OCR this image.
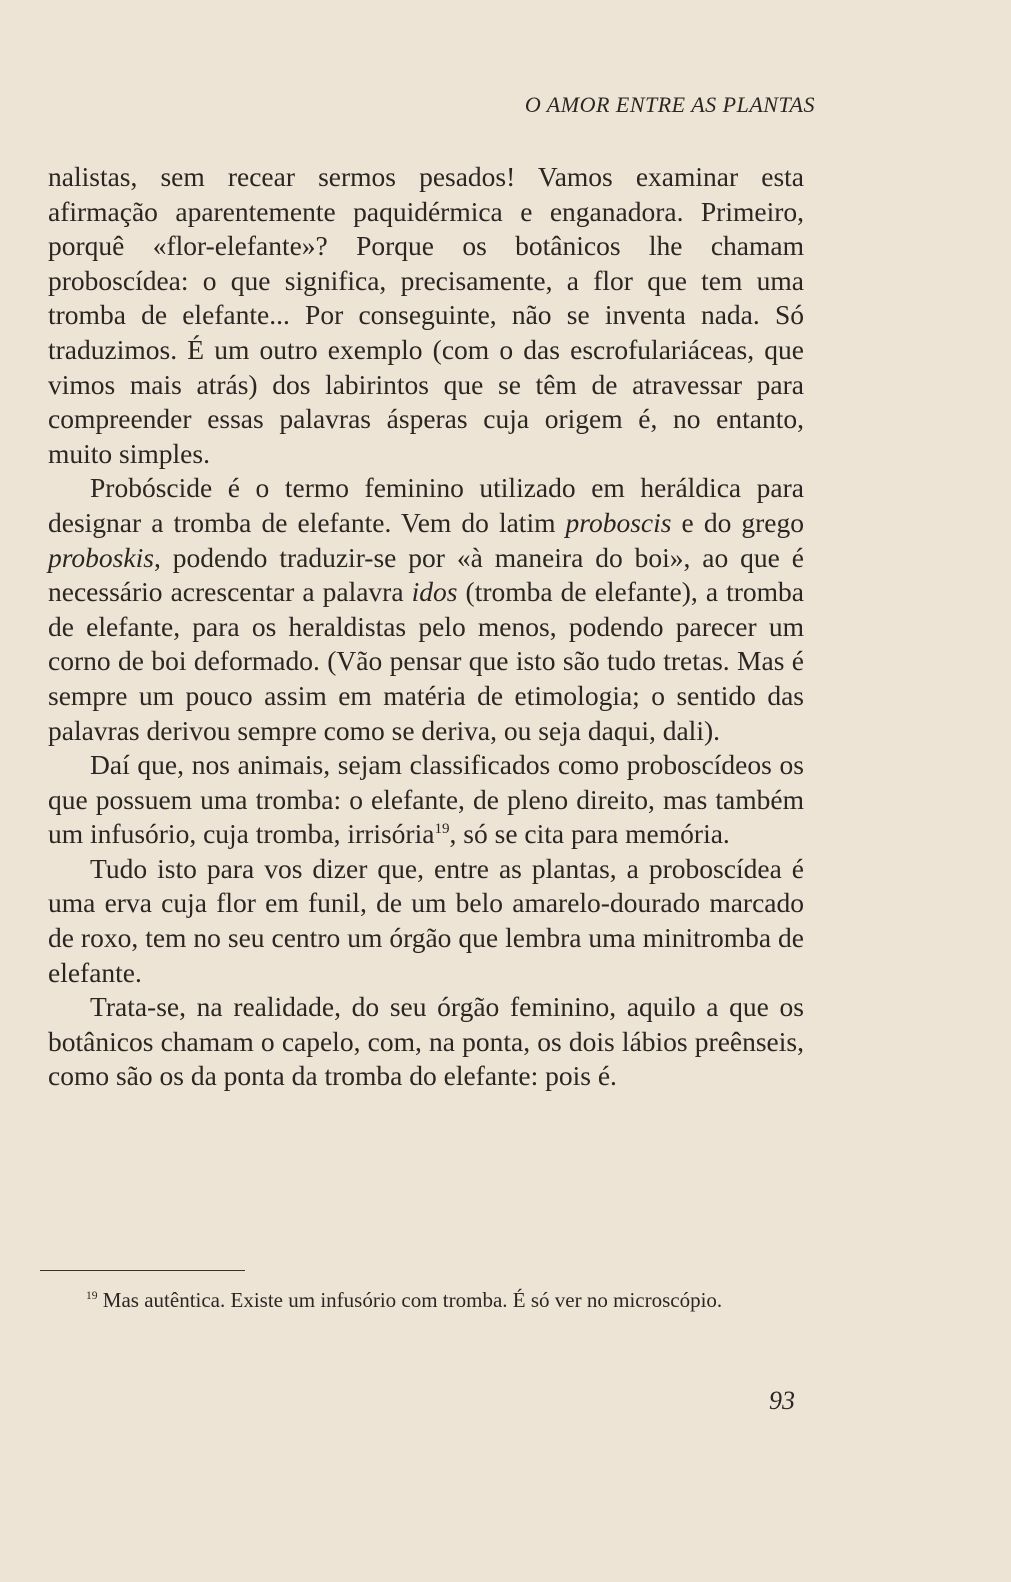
O AMOR ENTRE AS PLANTAS

nalistas, sem recear sermos pesados! Vamos examinar esta afirmação aparentemente paquidérmica e enganadora. Primeiro, porquê «flor-elefante»? Porque os botânicos lhe chamam proboscídea: o que significa, precisamente, a flor que tem uma tromba de elefante... Por conseguinte, não se inventa nada. Só traduzimos. É um outro exemplo (com o das escrofulariáceas, que vimos mais atrás) dos labirintos que se têm de atravessar para compreender essas palavras ásperas cuja origem é, no entanto, muito simples.

Probóscide é o termo feminino utilizado em heráldica para designar a tromba de elefante. Vem do latim proboscis e do grego proboskis, podendo traduzir-se por «à maneira do boi», ao que é necessário acrescentar a palavra idos (tromba de elefante), a tromba de elefante, para os heraldistas pelo menos, podendo parecer um corno de boi deformado. (Vão pensar que isto são tudo tretas. Mas é sempre um pouco assim em matéria de etimologia; o sentido das palavras derivou sempre como se deriva, ou seja daqui, dali).

Daí que, nos animais, sejam classificados como proboscídeos os que possuem uma tromba: o elefante, de pleno direito, mas também um infusório, cuja tromba, irrisória$^{19}$, só se cita para memória.

Tudo isto para vos dizer que, entre as plantas, a proboscídea é uma erva cuja flor em funil, de um belo amarelo-dourado marcado de roxo, tem no seu centro um órgão que lembra uma minitromba de elefante.

Trata-se, na realidade, do seu órgão feminino, aquilo a que os botânicos chamam o capelo, com, na ponta, os dois lábios preênseis, como são os da ponta da tromba do elefante: pois é.

$^{19}$ Mas autêntica. Existe um infusório com tromba. É só ver no microscópio.
93
